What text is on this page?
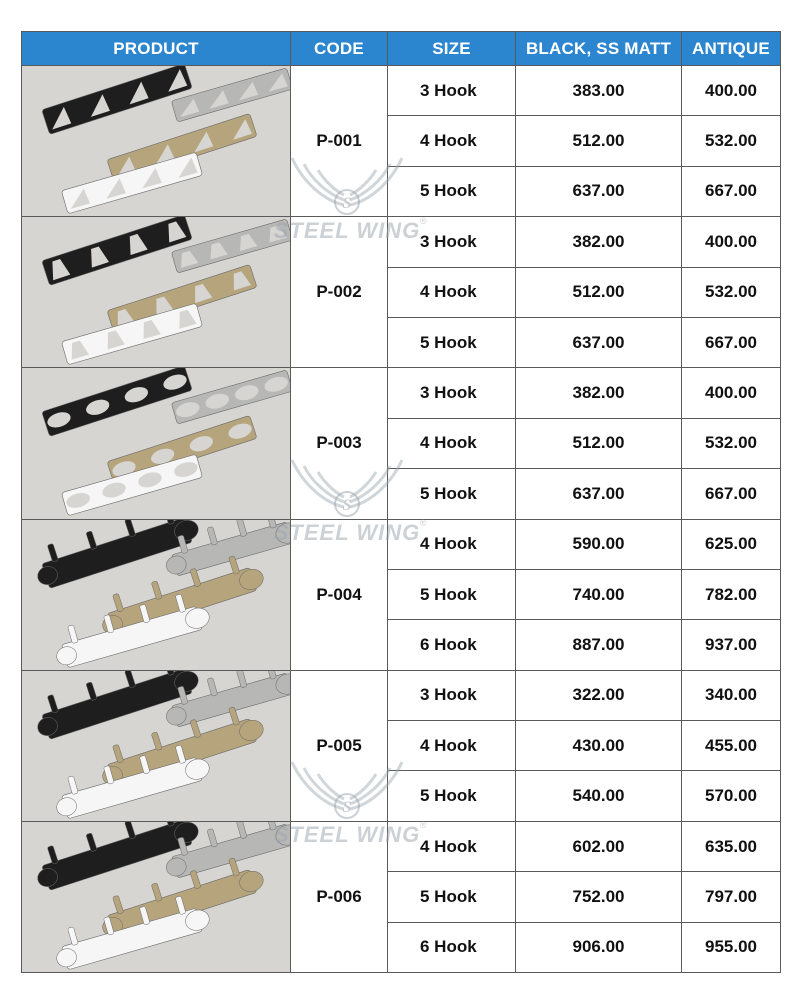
PRODUCT	CODE	SIZE	BLACK, SS MATT	ANTIQUE

	P-001	3 Hook	383.00	400.00
		4 Hook	512.00	532.00
		5 Hook	637.00	667.00

	P-002	3 Hook	382.00	400.00
		4 Hook	512.00	532.00
		5 Hook	637.00	667.00

	P-003	3 Hook	382.00	400.00
		4 Hook	512.00	532.00
		5 Hook	637.00	667.00

	P-004	4 Hook	590.00	625.00
		5 Hook	740.00	782.00
		6 Hook	887.00	937.00

	P-005	3 Hook	322.00	340.00
		4 Hook	430.00	455.00
		5 Hook	540.00	570.00

	P-006	4 Hook	602.00	635.00
		5 Hook	752.00	797.00
		6 Hook	906.00	955.00
S
STEEL WING ®
S
STEEL WING ®
S
STEEL WING ®
